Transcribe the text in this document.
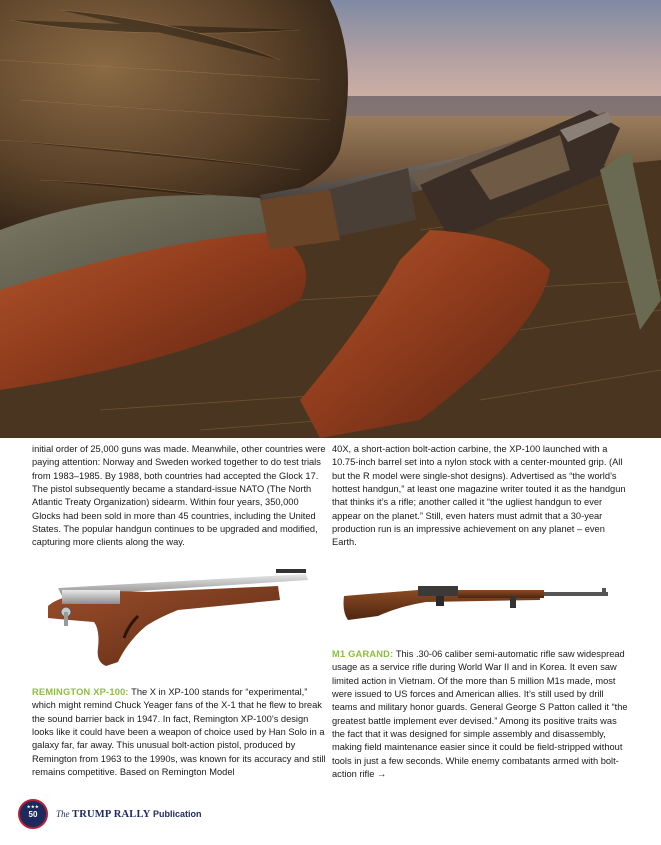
initial order of 25,000 guns was made. Meanwhile, other countries were paying attention: Norway and Sweden worked together to do test trials from 1983–1985. By 1988, both countries had accepted the Glock 17. The pistol subsequently became a standard-issue NATO (The North Atlantic Treaty Organization) sidearm. Within four years, 350,000 Glocks had been sold in more than 45 countries, including the United States. The popular handgun continues to be upgraded and modified, capturing more clients along the way.

40X, a short-action bolt-action carbine, the XP-100 launched with a 10.75-inch barrel set into a nylon stock with a center-mounted grip. (All but the R model were single-shot designs). Advertised as “the world’s hottest handgun,” at least one magazine writer touted it as the handgun that thinks it’s a rifle; another called it “the ugliest handgun to ever appear on the planet.” Still, even haters must admit that a 30-year production run is an impressive achievement on any planet – even Earth.

M1 GARAND: This .30-06 caliber semi-automatic rifle saw widespread usage as a service rifle during World War II and in Korea. It even saw limited action in Vietnam. Of the more than 5 million M1s made, most were issued to US forces and American allies. It’s still used by drill teams and military honor guards. General George S Patton called it “the greatest battle implement ever devised.” Among its positive traits was the fact that it was designed for simple assembly and disassembly, making field maintenance easier since it could be field-stripped without tools in just a few seconds. While enemy combatants armed with bolt-action rifle →

REMINGTON XP-100: The X in XP-100 stands for “experimental,” which might remind Chuck Yeager fans of the X-1 that he flew to break the sound barrier back in 1947. In fact, Remington XP-100’s design looks like it could have been a weapon of choice used by Han Solo in a galaxy far, far away. This unusual bolt-action pistol, produced by Remington from 1963 to the 1990s, was known for its accuracy and still remains competitive. Based on Remington Model

★★★
50 The TRUMP RALLY Publication
